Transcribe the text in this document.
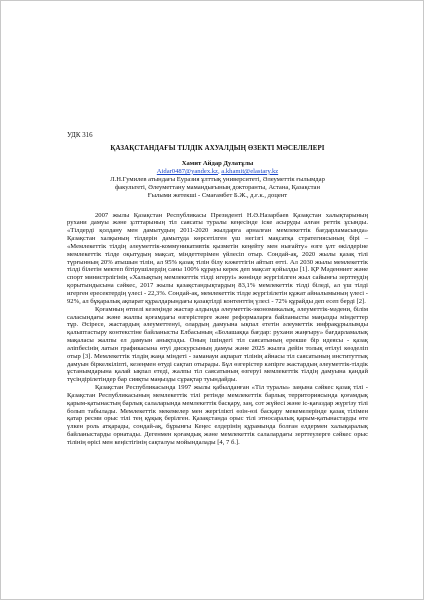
УДК 316
ҚАЗАҚСТАНДАҒЫ ТІЛДІК АХУАЛДЫҢ ӨЗЕКТІ МӘСЕЛЕЛЕРІ
Хамит Айдар Дулатұлы
Aidar0487@yandex.kz, a.khamit@elastary.kz
Л.Н.Гумилев атындағы Еуразия ұлттық университеті, Әлеуметтік ғылымдар
факультеті, Әлеуметтану мамандығының докторанты, Астана, Қазақстан
Ғылыми жетекші - Смағамбет Б.Ж., д.ғ.к., доцент

2007 жылы Қазақстан Республикасы Президенті Н.Ә.Назарбаев Қазақстан халықтарының рухани дамуы және ұлттарының тіл саясаты туралы кеңесінде іске асыруды алған реттік ұсынды. «Тілдерді қолдану мен дамытудың 2011-2020 жылдарға арналған мемлекеттік бағдарламасында» Қазақстан халқының тілдерін дамытуда көрсетілген үш негізгі мақсатқа стратегиясының бірі – «Мемлекеттік тілдің әлеуметтік-коммуникативтік қызметін кеңейту мен нығайту» өзге ұлт өкілдеріне мемлекеттік тілде оқытудың мақсат, міндеттерімен үйлесіп отыр. Сондай-ақ, 2020 жылы қазақ тілі түрғынның 20% атышын тілін, ал 95% қазақ тілін білу кәжеттігін айтып өтті. Ал 2030 жылы мемлекеттік тілді білетін мектеп бітірушілердің саны 100% құрауы керек деп мақсат қойылды [1]. ҚР Мәденниет және спорт министрлігінің «Халықтың мемлекеттік тілді игеруі» жөнінде жүргізілген жыл сайынғы зерттеудің қорытындысына сәйкес, 2017 жылы қазақстандықтардың 83,1% мемлекеттік тілді біледі, ал үш тілді игерген ересектердің үлесі - 22,3%. Сондай-ақ, мемлекеттік тілде жүргізілетін құжат айналымының үлесі - 92%, ал бұқаралық ақпарат құралдарындағы қазақтілді контенттің үлесі - 72% құрайды деп есеп берді [2].

Қоғамның өтпелі кезеңінде жастар алдында әлеуметтік-экономикалық, әлеуметтік-мәдени, білім саласындағы және жалпы қоғамдағы өзгерістерге және реформаларға байланысты маңызды міндеттер тұр. Әсіресе, жастардың әлеуметтенуі, олардың дамуына ықпал ететін әлеуметтік инфрақұрылымды қалыптастыру контекстіне байланысты Елбасының «Болашаққа бағдар: рухани жаңғыру» бағдарламалық мақаласы жалпы ел дамуын анықтады. Оның ішіндегі тіл саясатының ерекше бір идеясы - қазақ әліпбесінің латын графикасына өтуі дискурсының дамуы және 2025 жылға дейін толық өтілуі көзделіп отыр [3]. Мемлекеттік тілдің жаңа міндеті - заманауи ақпарат тілінің айнасы тіл саясатының институттық дамуын біркелкіліпті, кезеңмен өтуді сақтап отырады. Бұл өзгерістер кәпірге жастардың әлеуметтік-тілдік ұстанымдарына қалай ықпал етеді, жалпы тіл саясатының өзгеруі мемлекеттік тілдің дамуына қандай түсіндірілетіндер бар сияқты маңызды сұрақтар туындайды.

Қазақстан Республикасында 1997 жылы қабылданған «Тіл туралы» заңына сәйкес қазақ тілі - Қазақстан Республикасының мемлекеттік тілі ретінде мемлекеттік барлық территориясында қоғамдық қарым-қатынастың барлық салаларында мемлекеттік басқару, заң, сот жүйесі және іс-қағаздар жүргізу тілі болып табылады. Мемлекеттік мекемелер мен жергілікті өзін-өзі басқару мекемелерінде қазақ тілімен қатар ресми орыс тілі тең құқық берілген. Қазақстанда орыс тілі этносаралық қарым-қатынастарды өте үлкен роль атқарады, сондай-ақ, бұрынғы Кеңес елдерінің құрамында болған елдермен халықаралық байланыстарды орнатады. Дегенмен қоғамдық және мемлекеттік салалардағы зерттеулерге сәйкес орыс тілінің өрісі мен кеңістігінің сақталуы мойындалады [4, 7 б.].
